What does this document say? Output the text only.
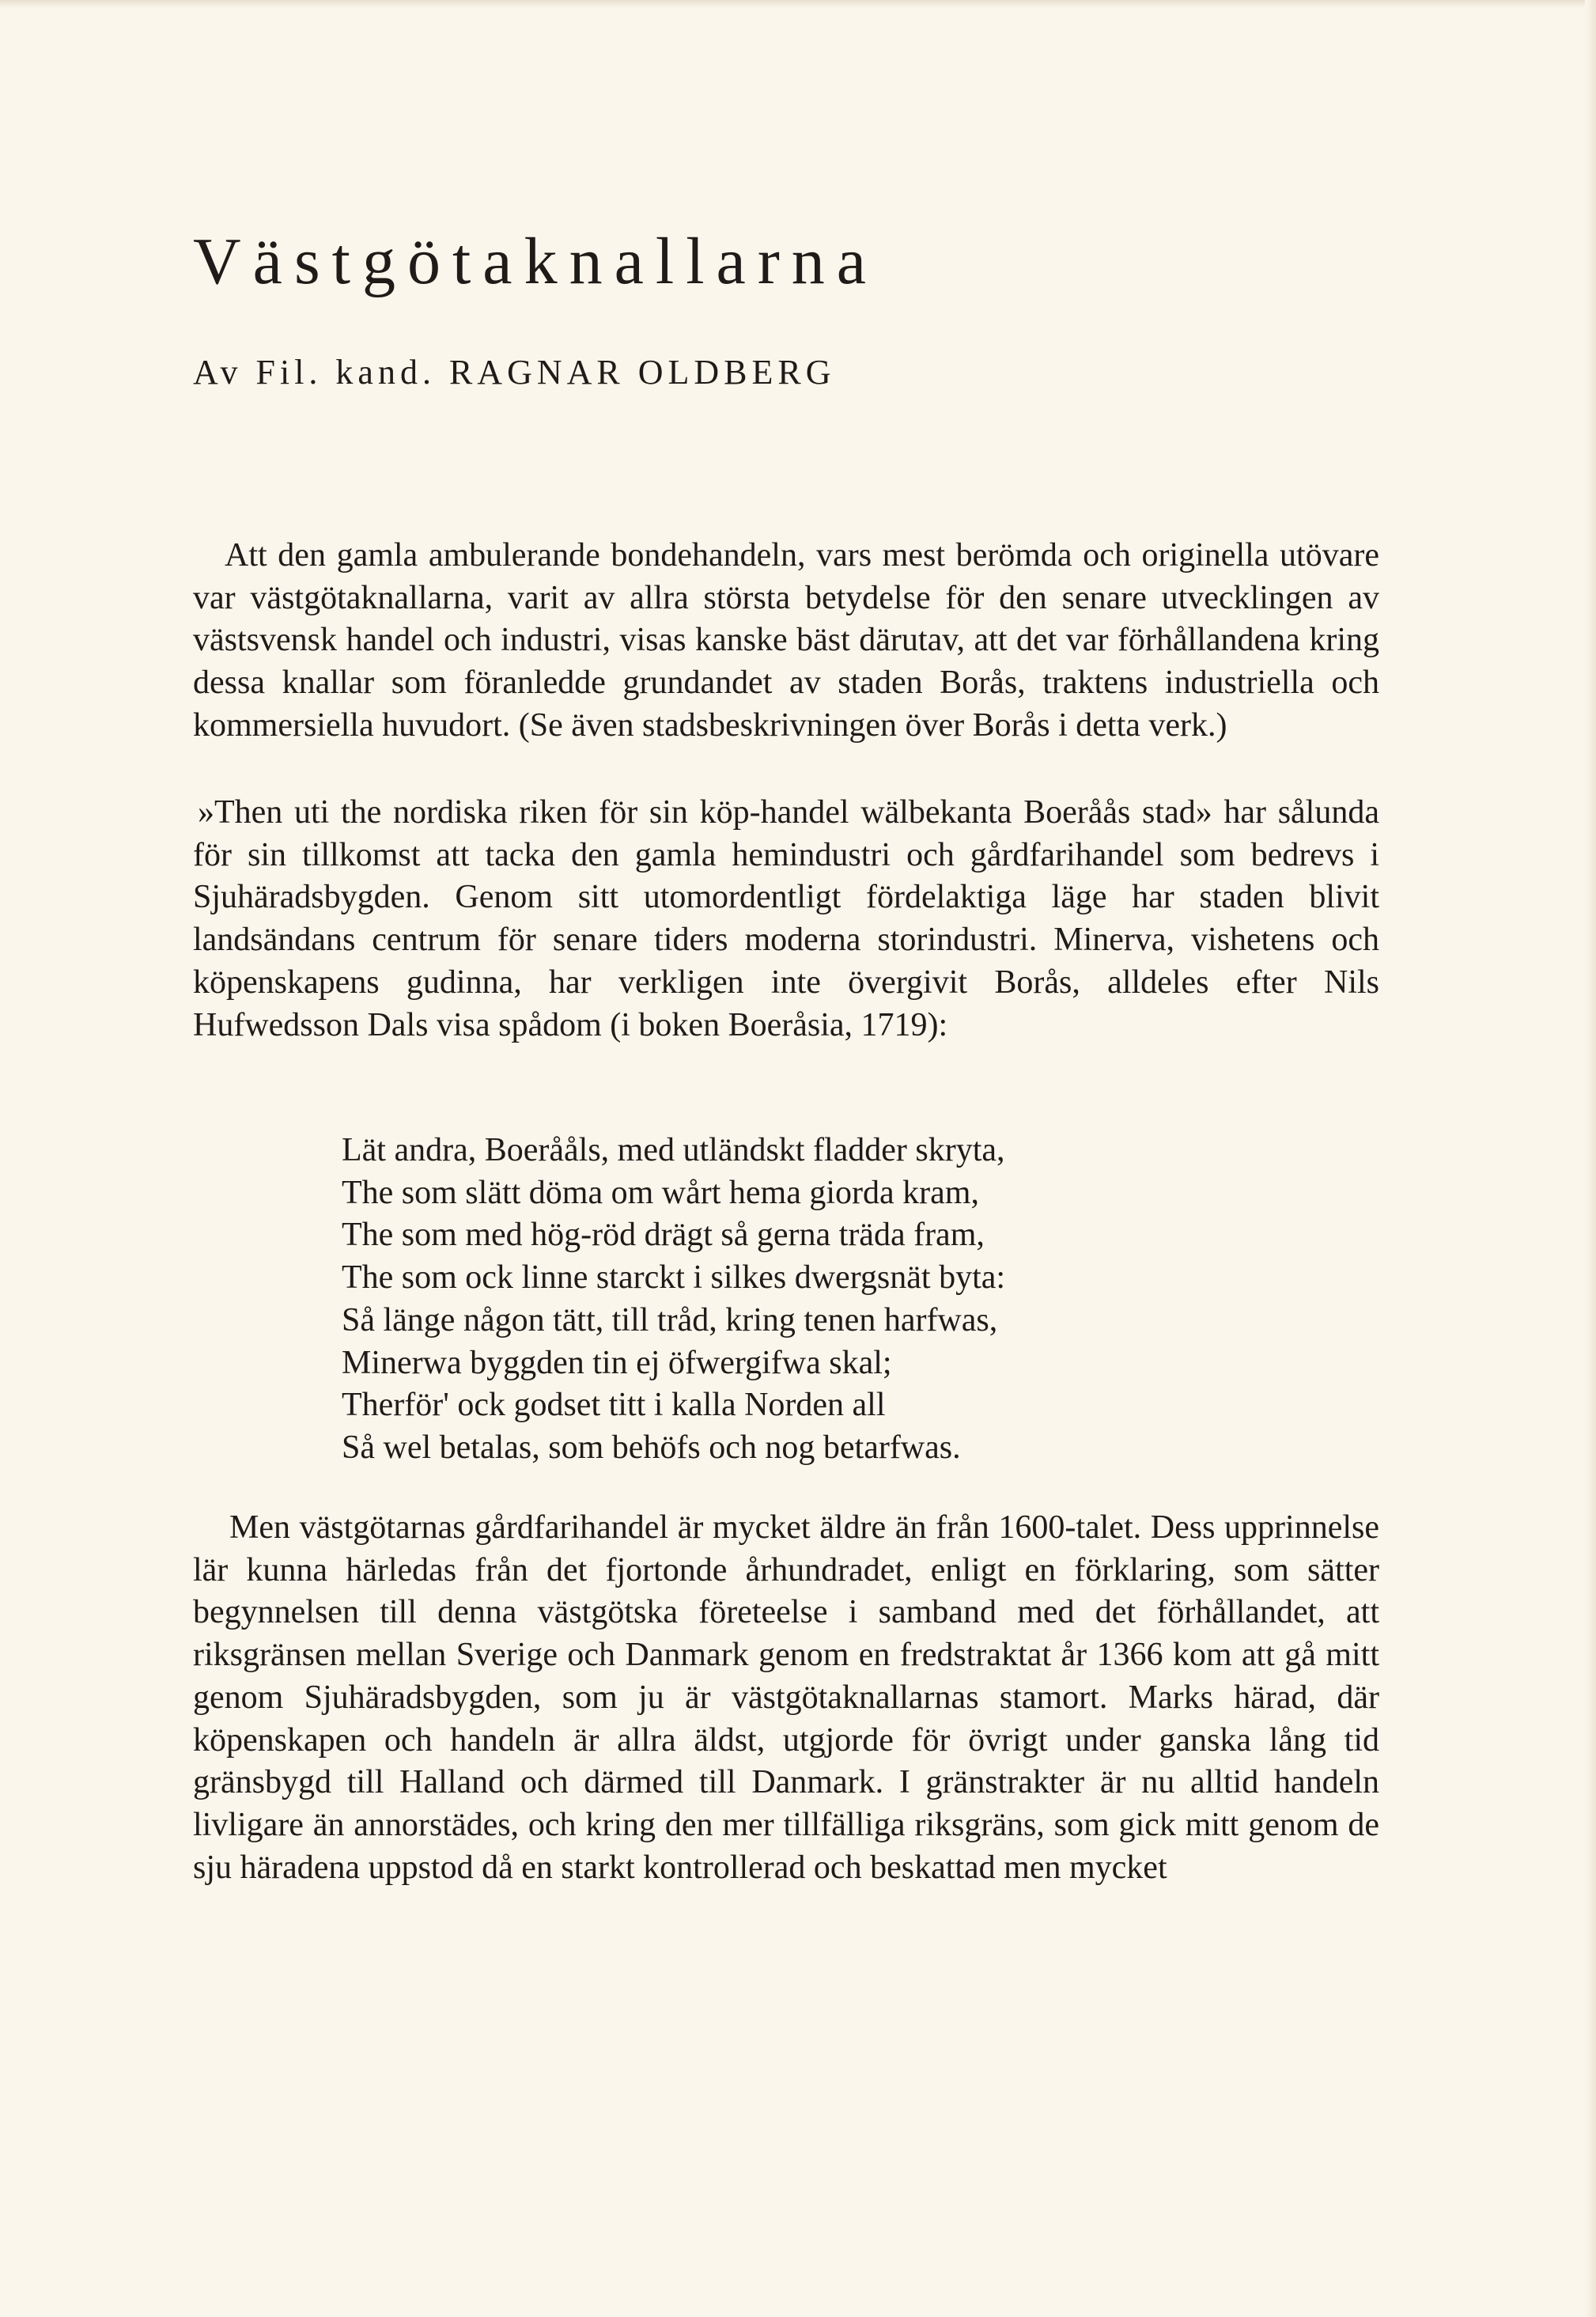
Västgötaknallarna
Av Fil. kand. RAGNAR OLDBERG

Att den gamla ambulerande bondehandeln, vars mest berömda och originella utövare var västgötaknallarna, varit av allra största betydelse för den senare utvecklingen av västsvensk handel och industri, visas kanske bäst därutav, att det var förhållandena kring dessa knallar som föranledde grundandet av staden Borås, traktens industriella och kommersiella huvudort. (Se även stadsbeskrivningen över Borås i detta verk.)

»Then uti the nordiska riken för sin köp-handel wälbekanta Boeråås stad» har sålunda för sin tillkomst att tacka den gamla hemindustri och gårdfarihandel som bedrevs i Sjuhäradsbygden. Genom sitt utomordentligt fördelaktiga läge har staden blivit landsändans centrum för senare tiders moderna storindustri. Minerva, vishetens och köpenskapens gudinna, har verkligen inte övergivit Borås, alldeles efter Nils Hufwedsson Dals visa spådom (i boken Boeråsia, 1719):

Lät andra, Boerååls, med utländskt fladder skryta,
The som slätt döma om wårt hema giorda kram,
The som med hög-röd drägt så gerna träda fram,
The som ock linne starckt i silkes dwergsnät byta:
Så länge någon tätt, till tråd, kring tenen harfwas,
Minerwa byggden tin ej öfwergifwa skal;
Therför' ock godset titt i kalla Norden all
Så wel betalas, som behöfs och nog betarfwas.

Men västgötarnas gårdfarihandel är mycket äldre än från 1600-talet. Dess upprinnelse lär kunna härledas från det fjortonde århundradet, enligt en förklaring, som sätter begynnelsen till denna västgötska företeelse i samband med det förhållandet, att riksgränsen mellan Sverige och Danmark genom en fredstraktat år 1366 kom att gå mitt genom Sjuhäradsbygden, som ju är västgötaknallarnas stamort. Marks härad, där köpenskapen och handeln är allra äldst, utgjorde för övrigt under ganska lång tid gränsbygd till Halland och därmed till Danmark. I gränstrakter är nu alltid handeln livligare än annorstädes, och kring den mer tillfälliga riksgräns, som gick mitt genom de sju häradena uppstod då en starkt kontrollerad och beskattad men mycket
